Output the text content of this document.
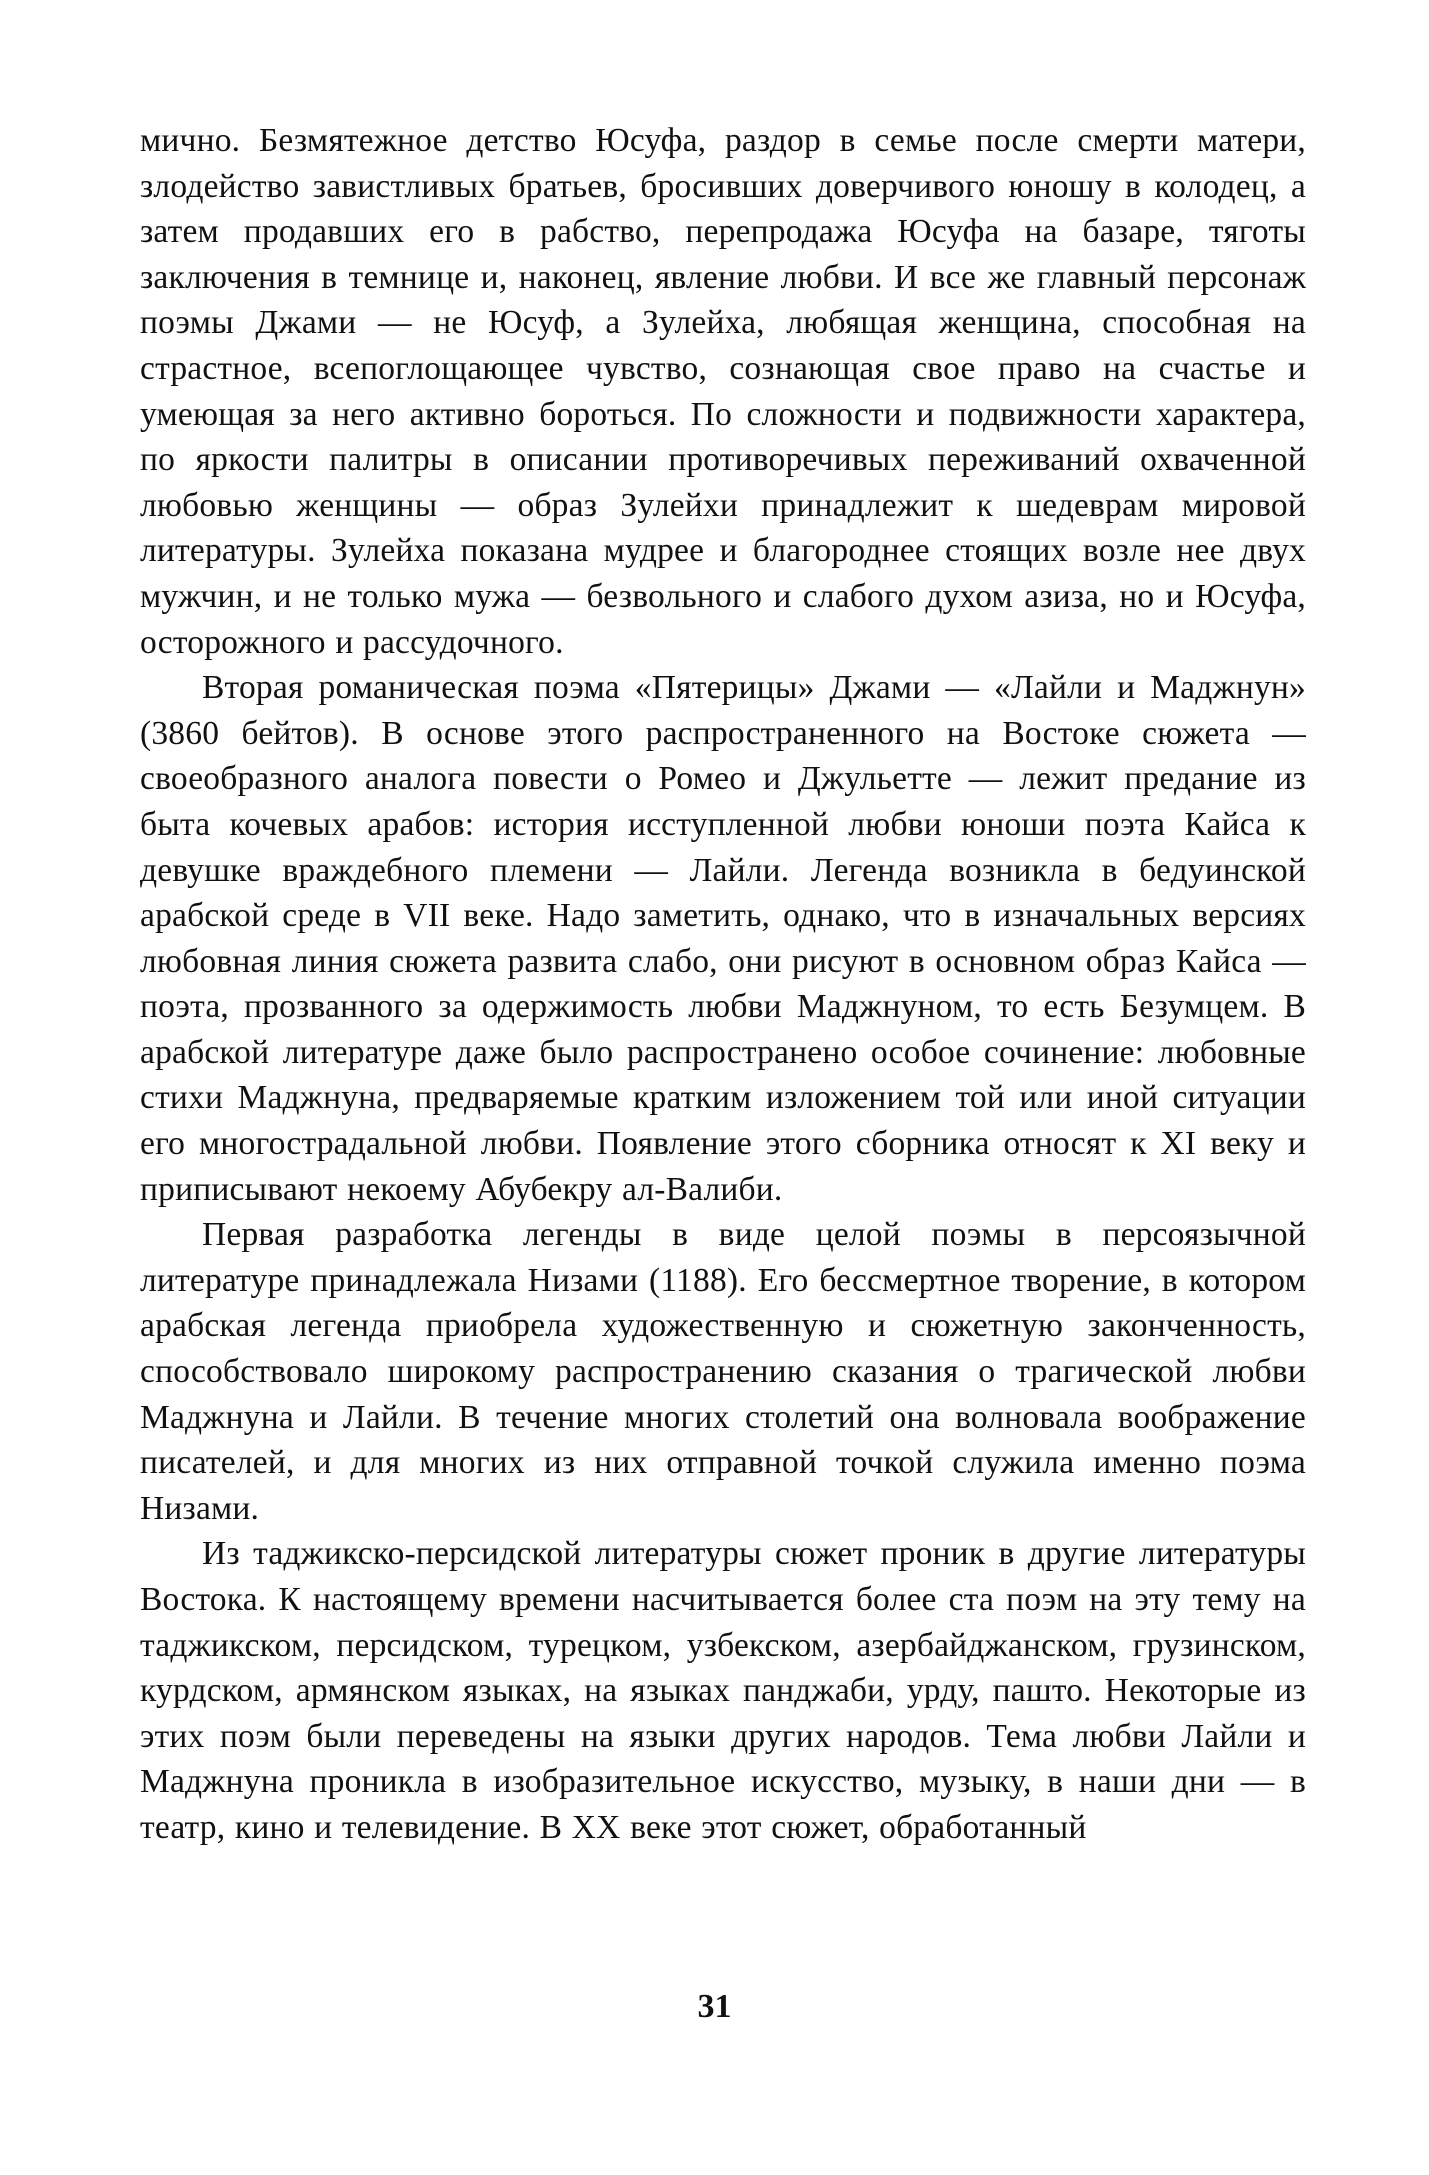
мично. Безмятежное детство Юсуфа, раздор в семье после смерти матери, злодейство завистливых братьев, бросивших доверчивого юношу в колодец, а затем продавших его в рабство, перепродажа Юсуфа на базаре, тяготы заключения в темнице и, наконец, явление любви. И все же главный персонаж поэмы Джами — не Юсуф, а Зулейха, любящая женщина, способная на страстное, всепоглощающее чувство, сознающая свое право на счастье и умеющая за него активно бороться. По сложности и подвижности характера, по яркости палитры в описании противоречивых переживаний охваченной любовью женщины — образ Зулейхи принадлежит к шедеврам мировой литературы. Зулейха показана мудрее и благороднее стоящих возле нее двух мужчин, и не только мужа — безвольного и слабого духом азиза, но и Юсуфа, осторожного и рассудочного.

Вторая романическая поэма «Пятерицы» Джами — «Лайли и Маджнун» (3860 бейтов). В основе этого распространенного на Востоке сюжета — своеобразного аналога повести о Ромео и Джульетте — лежит предание из быта кочевых арабов: история исступленной любви юноши поэта Кайса к девушке враждебного племени — Лайли. Легенда возникла в бедуинской арабской среде в VII веке. Надо заметить, однако, что в изначальных версиях любовная линия сюжета развита слабо, они рисуют в основном образ Кайса — поэта, прозванного за одержимость любви Маджнуном, то есть Безумцем. В арабской литературе даже было распространено особое сочинение: любовные стихи Маджнуна, предваряемые кратким изложением той или иной ситуации его многострадальной любви. Появление этого сборника относят к XI веку и приписывают некоему Абубекру ал-Валиби.

Первая разработка легенды в виде целой поэмы в персоязычной литературе принадлежала Низами (1188). Его бессмертное творение, в котором арабская легенда приобрела художественную и сюжетную законченность, способствовало широкому распространению сказания о трагической любви Маджнуна и Лайли. В течение многих столетий она волновала воображение писателей, и для многих из них отправной точкой служила именно поэма Низами.

Из таджикско-персидской литературы сюжет проник в другие литературы Востока. К настоящему времени насчитывается более ста поэм на эту тему на таджикском, персидском, турецком, узбекском, азербайджанском, грузинском, курдском, армянском языках, на языках панджаби, урду, пашто. Некоторые из этих поэм были переведены на языки других народов. Тема любви Лайли и Маджнуна проникла в изобразительное искусство, музыку, в наши дни — в театр, кино и телевидение. В XX веке этот сюжет, обработанный

31
